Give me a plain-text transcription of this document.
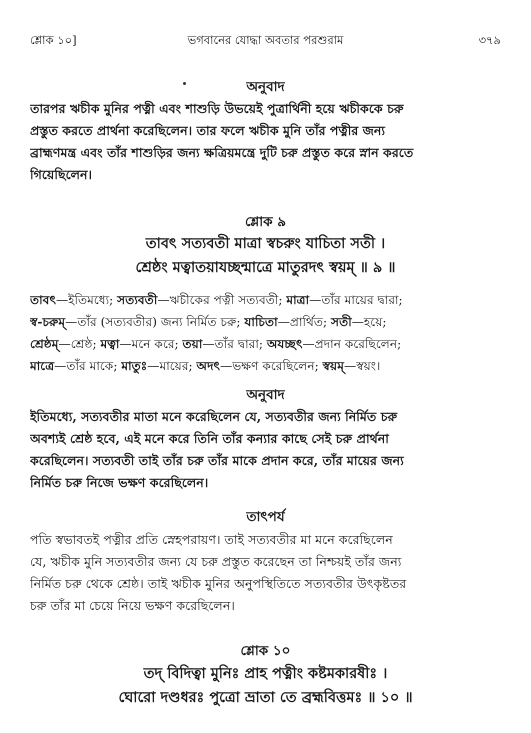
শ্লোক ১০]	ভগবানের যোদ্ধা অবতার পরশুরাম	৩৭৯
অনুবাদ
তারপর ঋচীক মুনির পত্নী এবং শাশুড়ি উভয়েই পুত্রার্থিনী হয়ে ঋচীককে চরু
প্রস্তুত করতে প্রার্থনা করেছিলেন। তার ফলে ঋচীক মুনি তাঁর পত্নীর জন্য
ব্রাহ্মণমন্ত্র এবং তাঁর শাশুড়ির জন্য ক্ষত্রিয়মন্ত্রে দুটি চরু প্রস্তুত করে স্নান করতে
গিয়েছিলেন।
শ্লোক ৯
তাবৎ সত্যবতী মাত্রা স্বচরুং যাচিতা সতী ।
শ্রেষ্ঠং মত্বাতয়াযচ্ছন্মাত্রে মাতুরদৎ স্বয়ম্ ॥ ৯ ॥
তাবৎ—ইতিমধ্যে; সত্যবতী—ঋচীকের পত্নী সত্যবতী; মাত্রা—তাঁর মায়ের দ্বারা;
স্ব-চরুম্—তাঁর (সত্যবতীর) জন্য নির্মিত চরু; যাচিতা—প্রার্থিত; সতী—হয়ে;
শ্রেষ্ঠম্—শ্রেষ্ঠ; মত্বা—মনে করে; তয়া—তাঁর দ্বারা; অযচ্ছৎ—প্রদান করেছিলেন;
মাত্রে—তাঁর মাকে; মাতুঃ—মায়ের; অদৎ—ভক্ষণ করেছিলেন; স্বয়ম্—স্বয়ং।
অনুবাদ
ইতিমধ্যে, সত্যবতীর মাতা মনে করেছিলেন যে, সত্যবতীর জন্য নির্মিত চরু
অবশ্যই শ্রেষ্ঠ হবে, এই মনে করে তিনি তাঁর কন্যার কাছে সেই চরু প্রার্থনা
করেছিলেন। সত্যবতী তাই তাঁর চরু তাঁর মাকে প্রদান করে, তাঁর মায়ের জন্য
নির্মিত চরু নিজে ভক্ষণ করেছিলেন।
তাৎপর্য
পতি স্বভাবতই পত্নীর প্রতি স্নেহপরায়ণ। তাই সত্যবতীর মা মনে করেছিলেন
যে, ঋচীক মুনি সত্যবতীর জন্য যে চরু প্রস্তুত করেছেন তা নিশ্চয়ই তাঁর জন্য
নির্মিত চরু থেকে শ্রেষ্ঠ। তাই ঋচীক মুনির অনুপস্থিতিতে সত্যবতীর উৎকৃষ্টতর
চরু তাঁর মা চেয়ে নিয়ে ভক্ষণ করেছিলেন।
শ্লোক ১০
তদ্ বিদিত্বা মুনিঃ প্রাহ পত্নীং কষ্টমকারষীঃ ।
ঘোরো দণ্ডধরঃ পুত্রো ভ্রাতা তে ব্রহ্মবিত্তমঃ ॥ ১০ ॥
